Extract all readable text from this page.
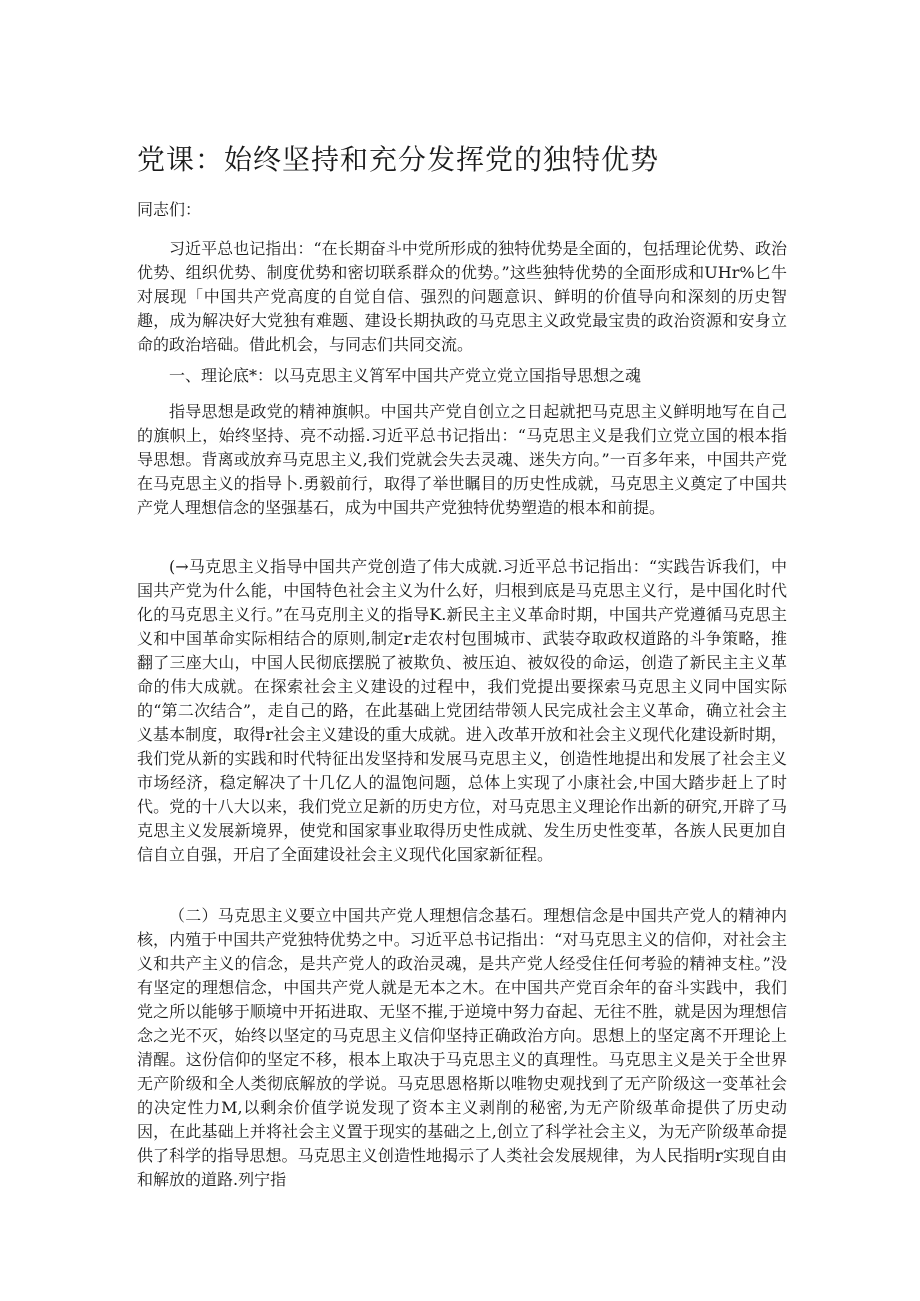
党课：始终坚持和充分发挥党的独特优势

同志们：

习近平总也记指出：“在长期奋斗中党所形成的独特优势是全面的，包括理论优势、政治优势、组织优势、制度优势和密切联系群众的优势。”这些独特优势的全面形成和UHr%匕牛对展现「中国共产党高度的自觉自信、强烈的问题意识、鲜明的价值导向和深刻的历史智趣，成为解决好大党独有难题、建设长期执政的马克思主义政党最宝贵的政治资源和安身立命的政治培础。借此机会，与同志们共同交流。

一、理论底*：以马克思主义筲军中国共产党立党立国指导思想之魂

指导思想是政党的精神旗帜。中国共产党自创立之日起就把马克思主义鲜明地写在自己的旗帜上，始终坚持、亮不动摇.习近平总书记指出：“马克思主义是我们立党立国的根本指导思想。背离或放弃马克思主义,我们党就会失去灵魂、迷失方向。”一百多年来，中国共产党在马克思主义的指导卜.勇毅前行，取得了举世瞩目的历史性成就，马克思主义奠定了中国共产党人理想信念的坚强基石，成为中国共产党独特优势塑造的根本和前提。

(→马克思主义指导中国共产党创造了伟大成就.习近平总书记指出：“实践告诉我们，中国共产党为什么能，中国特色社会主义为什么好，归根到底是马克思主义行，是中国化时代化的马克思主义行。”在马克刖主义的指导K.新民主主义革命时期，中国共产党遵循马克思主义和中国革命实际相结合的原则,制定r走农村包围城市、武装夺取政权道路的斗争策略，推翻了三座大山，中国人民彻底摆脱了被欺负、被压迫、被奴役的命运，创造了新民主主义革命的伟大成就。在探索社会主义建设的过程中，我们党提出要探索马克思主义同中国实际的“第二次结合”，走自己的路，在此基础上党团结带领人民完成社会主义革命，确立社会主义基本制度，取得r社会主义建设的重大成就。进入改革开放和社会主义现代化建设新时期，我们党从新的实践和时代特征出发坚持和发展马克思主义，创造性地提出和发展了社会主义市场经济，稳定解决了十几亿人的温饱问题，总体上实现了小康社会,中国大踏步赶上了时代。党的十八大以来，我们党立足新的历史方位，对马克思主义理论作出新的研究,开辟了马克思主义发展新境界，使党和国家事业取得历史性成就、发生历史性变革，各族人民更加自信自立自强，开启了全面建设社会主义现代化国家新征程。

（二）马克思主义要立中国共产党人理想信念基石。理想信念是中国共产党人的精神内核，内殖于中国共产党独特优势之中。习近平总书记指出：“对马克思主义的信仰，对社会主义和共产主义的信念，是共产党人的政治灵魂，是共产党人经受住任何考验的精神支柱。”没有坚定的理想信念，中国共产党人就是无本之木。在中国共产党百余年的奋斗实践中，我们党之所以能够于顺境中开拓进取、无坚不摧,于逆境中努力奋起、无往不胜，就是因为理想信念之光不灭，始终以坚定的马克思主义信仰坚持正确政治方向。思想上的坚定离不开理论上清醒。这份信仰的坚定不移，根本上取决于马克思主义的真理性。马克思主义是关于全世界无产阶级和全人类彻底解放的学说。马克思恩格斯以唯物史观找到了无产阶级这一变革社会的决定性力M,以剩余价值学说发现了资本主义剥削的秘密,为无产阶级革命提供了历史动因，在此基础上并将社会主义置于现实的基础之上,创立了科学社会主义，为无产阶级革命提供了科学的指导思想。马克思主义创造性地揭示了人类社会发展规律，为人民指明r实现自由和解放的道路.列宁指
